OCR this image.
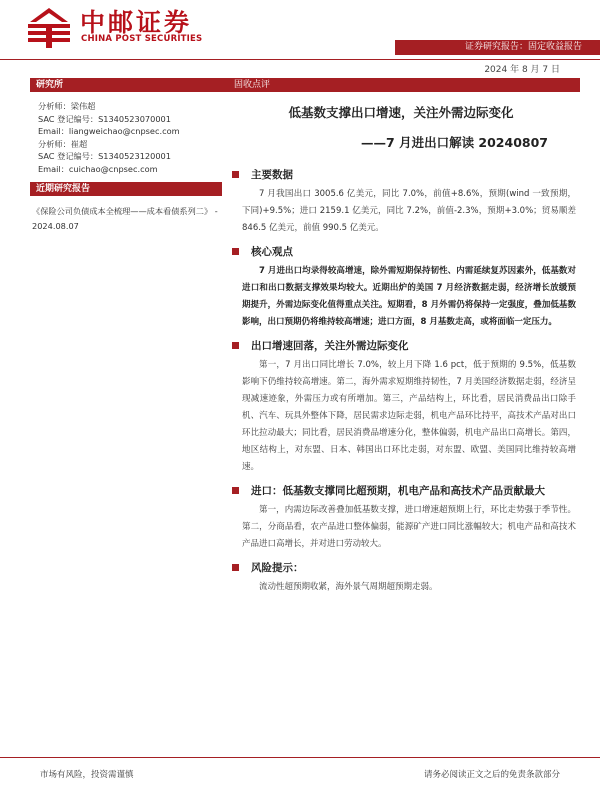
中邮证券
CHINA POST SECURITIES
证券研究报告：固定收益报告
2024 年 8 月 7 日
研究所
分析师：梁伟超
SAC 登记编号：S1340523070001
Email：liangweichao@cnpsec.com
分析师：崔超
SAC 登记编号：S1340523120001
Email：cuichao@cnpsec.com
近期研究报告
《保险公司负债成本全梳理——成本看债系列二》 - 2024.08.07
固收点评
低基数支撑出口增速，关注外需边际变化
——7 月进出口解读 20240807
主要数据
7 月我国出口 3005.6 亿美元，同比 7.0%，前值+8.6%，预期(wind 一致预期，下同)+9.5%；进口 2159.1 亿美元，同比 7.2%，前值-2.3%，预期+3.0%；贸易顺差 846.5 亿美元，前值 990.5 亿美元。
核心观点
7 月进出口均录得较高增速，除外需短期保持韧性、内需延续复苏因素外，低基数对进口和出口数据支撑效果均较大。近期出炉的美国 7 月经济数据走弱，经济增长放缓预期提升，外需边际变化值得重点关注。短期看，8 月外需仍将保持一定强度，叠加低基数影响，出口预期仍将维持较高增速；进口方面，8 月基数走高，或将面临一定压力。
出口增速回落，关注外需边际变化
第一，7 月出口同比增长 7.0%，较上月下降 1.6 pct，低于预期的 9.5%，低基数影响下仍维持较高增速。第二，海外需求短期维持韧性，7 月美国经济数据走弱，经济呈现减速迹象，外需压力或有所增加。第三，产品结构上，环比看，居民消费品出口除手机、汽车、玩具外整体下降，居民需求边际走弱，机电产品环比持平，高技术产品对出口环比拉动最大；同比看，居民消费品增速分化，整体偏弱，机电产品出口高增长。第四，地区结构上，对东盟、日本、韩国出口环比走弱，对东盟、欧盟、美国同比维持较高增速。
进口：低基数支撑同比超预期，机电产品和高技术产品贡献最大
第一，内需边际改善叠加低基数支撑，进口增速超预期上行，环比走势强于季节性。第二，分商品看，农产品进口整体偏弱，能源矿产进口同比涨幅较大；机电产品和高技术产品进口高增长，并对进口劳动较大。
风险提示：
流动性超预期收紧，海外景气周期超预期走弱。
市场有风险，投资需谨慎	请务必阅读正文之后的免责条款部分
